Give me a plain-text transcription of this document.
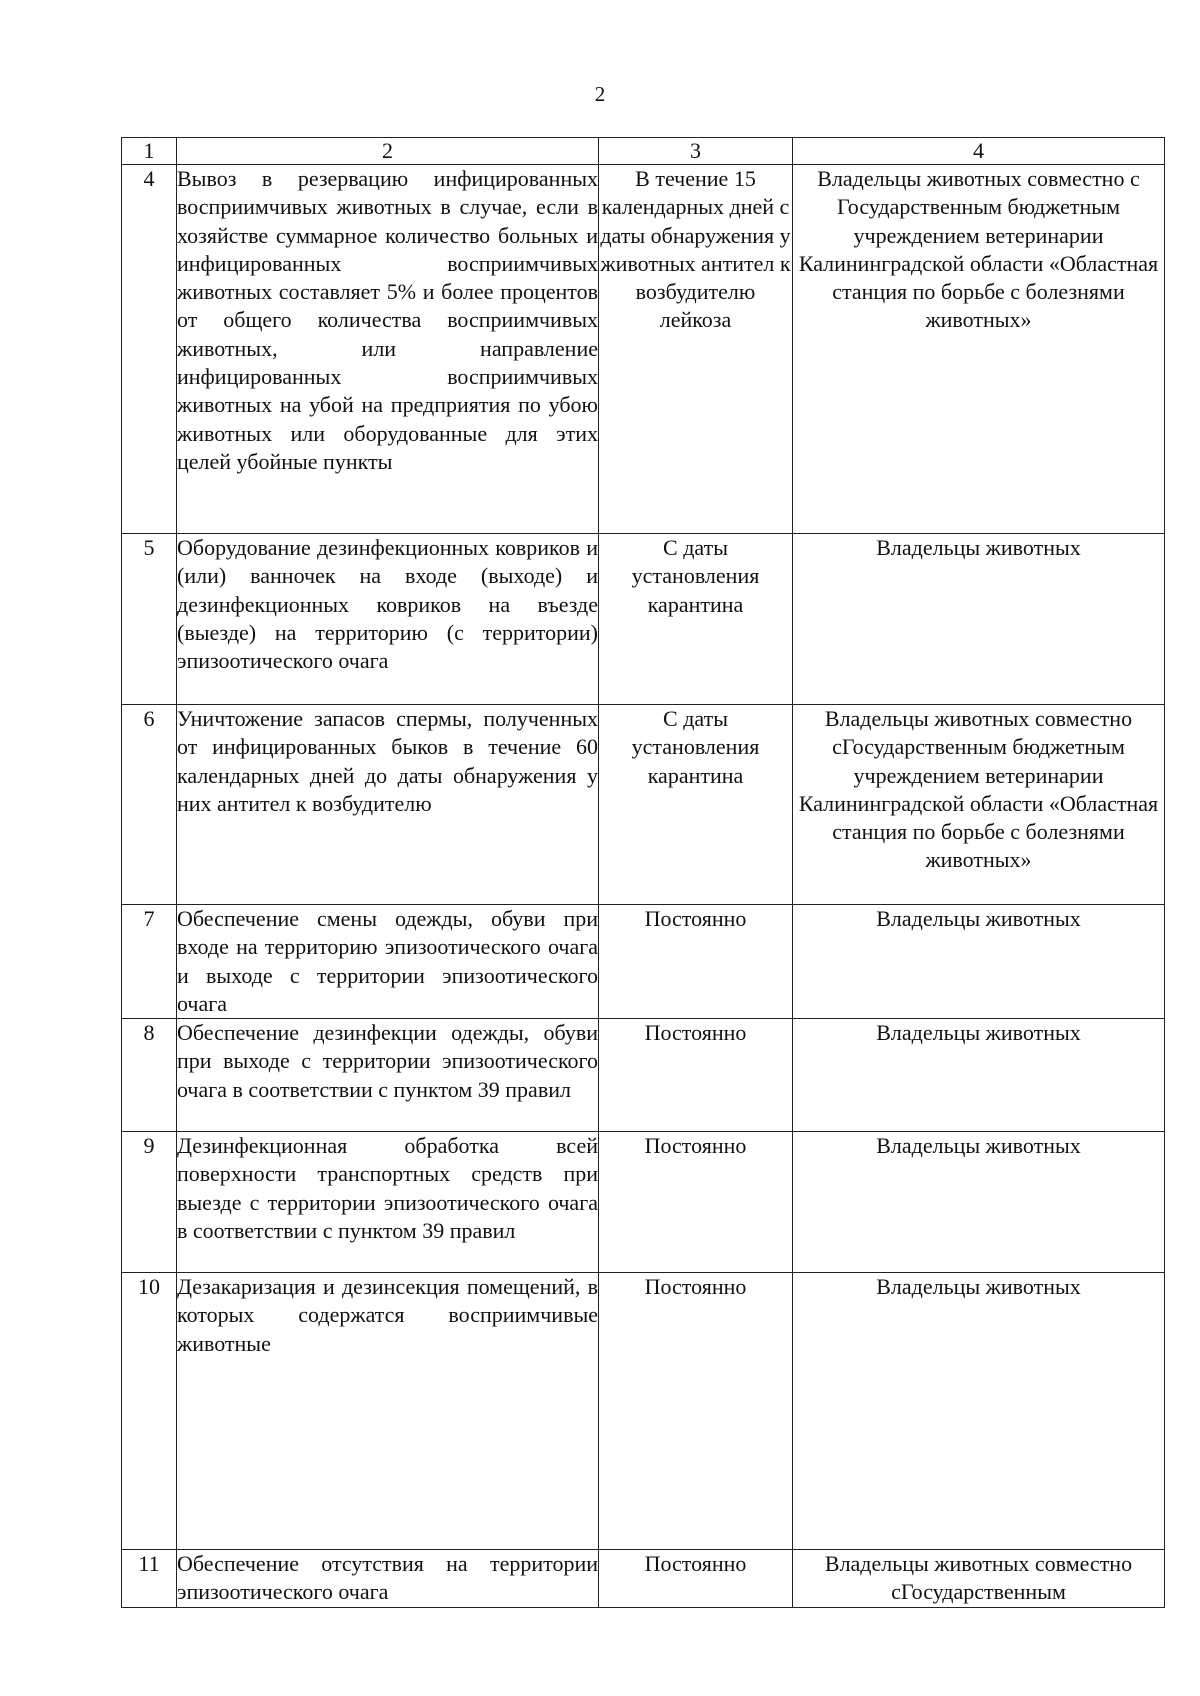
2
1	2	3	4
4	Вывоз в резервацию инфицированных восприимчивых животных в случае, если в хозяйстве суммарное количество больных и инфицированных восприимчивых животных составляет 5% и более процентов от общего количества восприимчивых животных, или направление инфицированных восприимчивых животных на убой на предприятия по убою животных или оборудованные для этих целей убойные пункты	В течение 15 календарных дней с даты обнаружения у животных антител к возбудителю лейкоза	Владельцы животных совместно с Государственным бюджетным учреждением ветеринарии Калининградской области «Областная станция по борьбе с болезнями животных»
5	Оборудование дезинфекционных ковриков и (или) ванночек на входе (выходе) и дезинфекционных ковриков на въезде (выезде) на территорию (с территории) эпизоотического очага	С даты установления карантина	Владельцы животных
6	Уничтожение запасов спермы, полученных от инфицированных быков в течение 60 календарных дней до даты обнаружения у них антител к возбудителю	С даты установления карантина	Владельцы животных совместно сГосударственным бюджетным учреждением ветеринарии Калининградской области «Областная станция по борьбе с болезнями животных»
7	Обеспечение смены одежды, обуви при входе на территорию эпизоотического очага и выходе с территории эпизоотического очага	Постоянно	Владельцы животных
8	Обеспечение дезинфекции одежды, обуви при выходе с территории эпизоотического очага в соответствии с пунктом 39 правил	Постоянно	Владельцы животных
9	Дезинфекционная обработка всей поверхности транспортных средств при выезде с территории эпизоотического очага в соответствии с пунктом 39 правил	Постоянно	Владельцы животных
10	Дезакаризация и дезинсекция помещений, в которых содержатся восприимчивые животные	Постоянно	Владельцы животных
11	Обеспечение отсутствия на территории эпизоотического очага	Постоянно	Владельцы животных совместно сГосударственным
